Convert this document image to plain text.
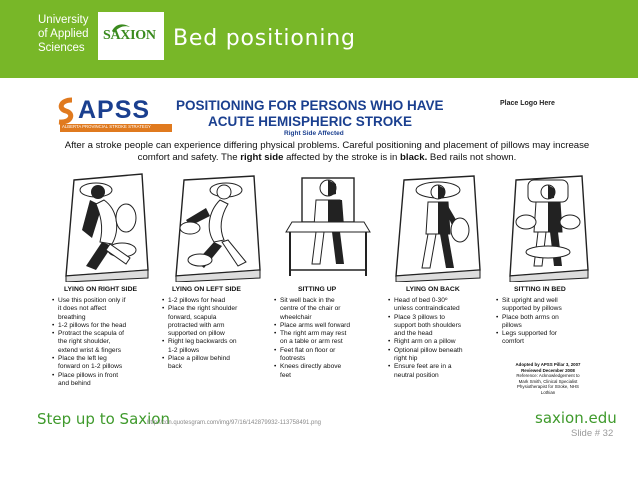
University
of Applied
Sciences
SAXION Bed positioning
APSS
ALBERTA PROVINCIAL STROKE STRATEGY
POSITIONING FOR PERSONS WHO HAVE
ACUTE HEMISPHERIC STROKE
Right Side Affected
Place Logo Here
After a stroke people can experience differing physical problems. Careful positioning and placement of pillows may increase comfort and safety. The right side affected by the stroke is in black. Bed rails not shown.
LYING ON RIGHT SIDE
• Use this position only if
it does not affect
breathing
• 1-2 pillows for the head
• Protract the scapula of
the right shoulder,
extend wrist & fingers
• Place the left leg
forward on 1-2 pillows
• Place pillows in front
and behind
LYING ON LEFT SIDE
• 1-2 pillows for head
• Place the right shoulder
forward, scapula
protracted with arm
supported on pillow
• Right leg backwards on
1-2 pillows
• Place a pillow behind
back
SITTING UP
• Sit well back in the
centre of the chair or
wheelchair
• Place arms well forward
• The right arm may rest
on a table or arm rest
• Feet flat on floor or
footrests
• Knees directly above
feet
LYING ON BACK
• Head of bed 0-30º
unless contraindicated
• Place 3 pillows to
support both shoulders
and the head
• Right arm on a pillow
• Optional pillow beneath
right hip
• Ensure feet are in a
neutral position
SITTING IN BED
• Sit upright and well
supported by pillows
• Place both arms on
pillows
• Legs supported for
comfort
Adopted by APSS Pillar 3, 2007
Reviewed December 2008
Reference: Acknowledgement to
Mark Smith, Clinical Specialist
Physiotherapist for Stroke, NHS
Lothian
Step up to Saxion
http://cdn.quotesgram.com/img/97/16/142879932-113758491.png	saxion.edu
Slide # 32
